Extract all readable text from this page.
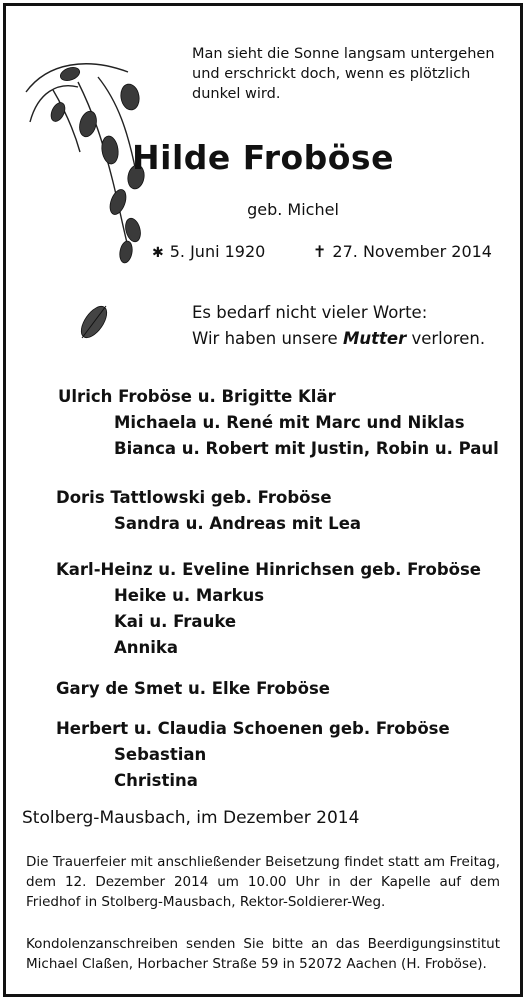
Man sieht die Sonne langsam untergehen
und erschrickt doch, wenn es plötzlich
dunkel wird.
Hilde Froböse
geb. Michel
✱ 5. Juni 1920	✝ 27. November 2014
Es bedarf nicht vieler Worte:
Wir haben unsere Mutter verloren.
Ulrich Froböse u. Brigitte Klär
Michaela u. René mit Marc und Niklas
Bianca u. Robert mit Justin, Robin u. Paul
Doris Tattlowski geb. Froböse
Sandra u. Andreas mit Lea
Karl-Heinz u. Eveline Hinrichsen geb. Froböse
Heike u. Markus
Kai u. Frauke
Annika
Gary de Smet u. Elke Froböse
Herbert u. Claudia Schoenen geb. Froböse
Sebastian
Christina
Stolberg-Mausbach, im Dezember 2014
Die Trauerfeier mit anschließender Beisetzung findet statt am Freitag, dem 12. Dezember 2014 um 10.00 Uhr in der Kapelle auf dem Friedhof in Stolberg-Mausbach, Rektor-Soldierer-Weg.
Kondolenzanschreiben senden Sie bitte an das Beerdigungsinstitut Michael Claßen, Horbacher Straße 59 in 52072 Aachen (H. Froböse).
